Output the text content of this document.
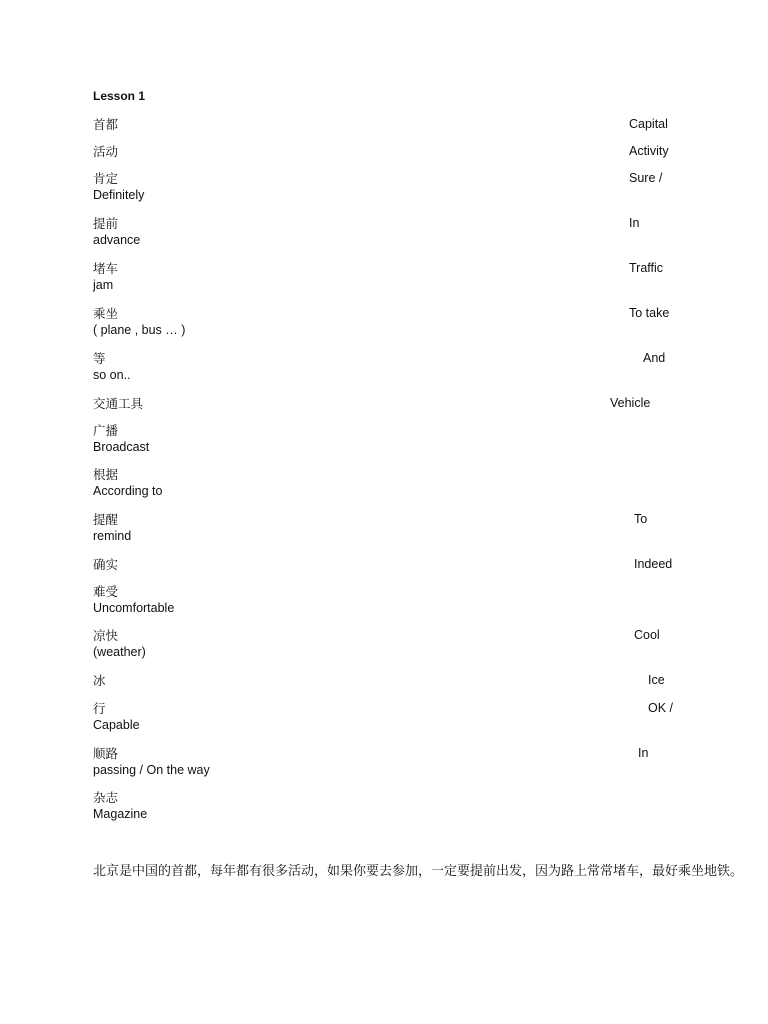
Lesson 1
首都	Capital
活动	Activity
肯定	Sure /
Definitely
提前	In
advance
堵车	Traffic
jam
乘坐	To take
( plane , bus … )
等	And
so on..
交通工具	Vehicle
广播
Broadcast
根据
According to
提醒	To
remind
确实	Indeed
难受
Uncomfortable
凉快	Cool
(weather)
冰	Ice
行	OK /
Capable
顺路	In
passing / On the way
杂志
Magazine
北京是中国的首都，每年都有很多活动，如果你要去参加，一定要提前出发，因为路上常常堵车，最好乘坐地铁。
